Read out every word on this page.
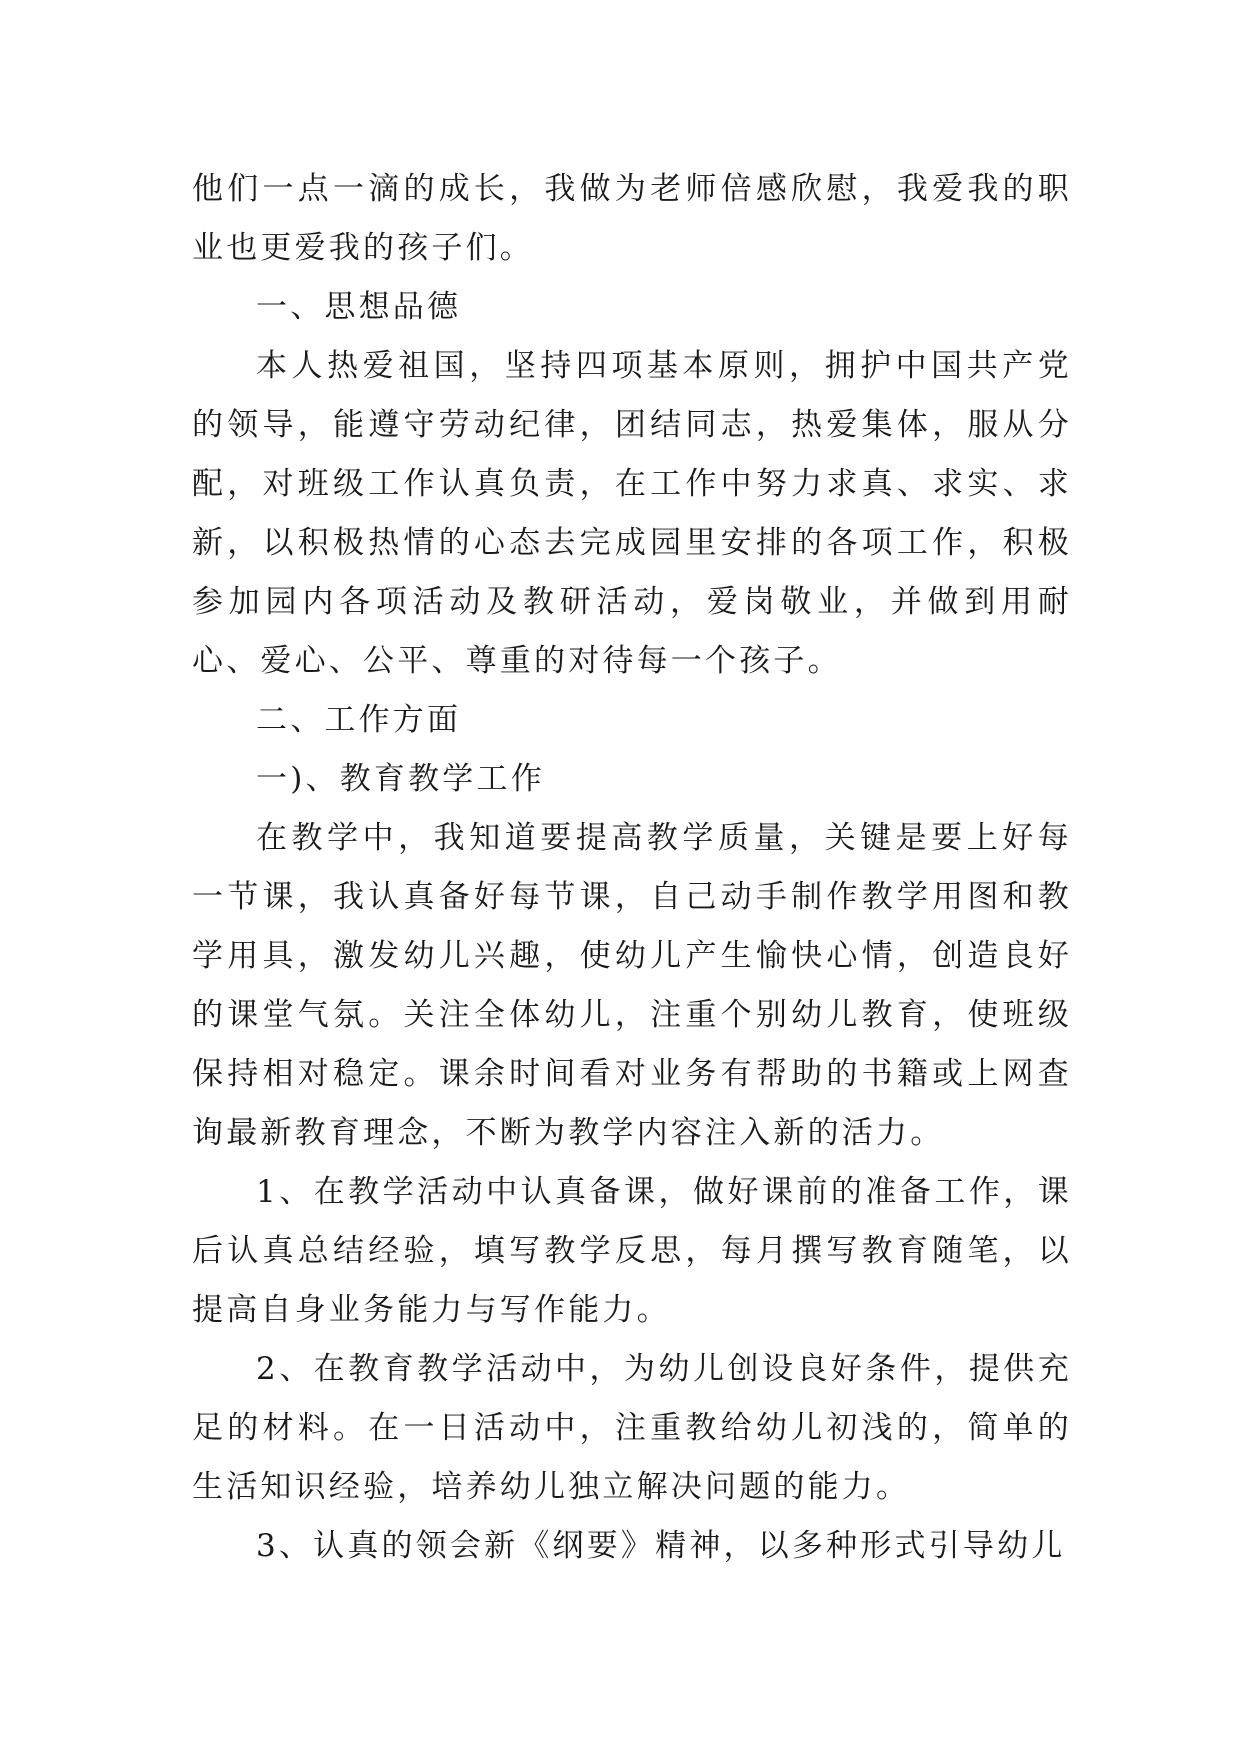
他们一点一滴的成长，我做为老师倍感欣慰，我爱我的职业也更爱我的孩子们。

一、思想品德

本人热爱祖国，坚持四项基本原则，拥护中国共产党的领导，能遵守劳动纪律，团结同志，热爱集体，服从分配，对班级工作认真负责，在工作中努力求真、求实、求新，以积极热情的心态去完成园里安排的各项工作，积极参加园内各项活动及教研活动，爱岗敬业，并做到用耐心、爱心、公平、尊重的对待每一个孩子。

二、工作方面

一)、教育教学工作

在教学中，我知道要提高教学质量，关键是要上好每一节课，我认真备好每节课，自己动手制作教学用图和教学用具，激发幼儿兴趣，使幼儿产生愉快心情，创造良好的课堂气氛。关注全体幼儿，注重个别幼儿教育，使班级保持相对稳定。课余时间看对业务有帮助的书籍或上网查询最新教育理念，不断为教学内容注入新的活力。

1、在教学活动中认真备课，做好课前的准备工作，课后认真总结经验，填写教学反思，每月撰写教育随笔，以提高自身业务能力与写作能力。

2、在教育教学活动中，为幼儿创设良好条件，提供充足的材料。在一日活动中，注重教给幼儿初浅的，简单的生活知识经验，培养幼儿独立解决问题的能力。

3、认真的领会新《纲要》精神，以多种形式引导幼儿
